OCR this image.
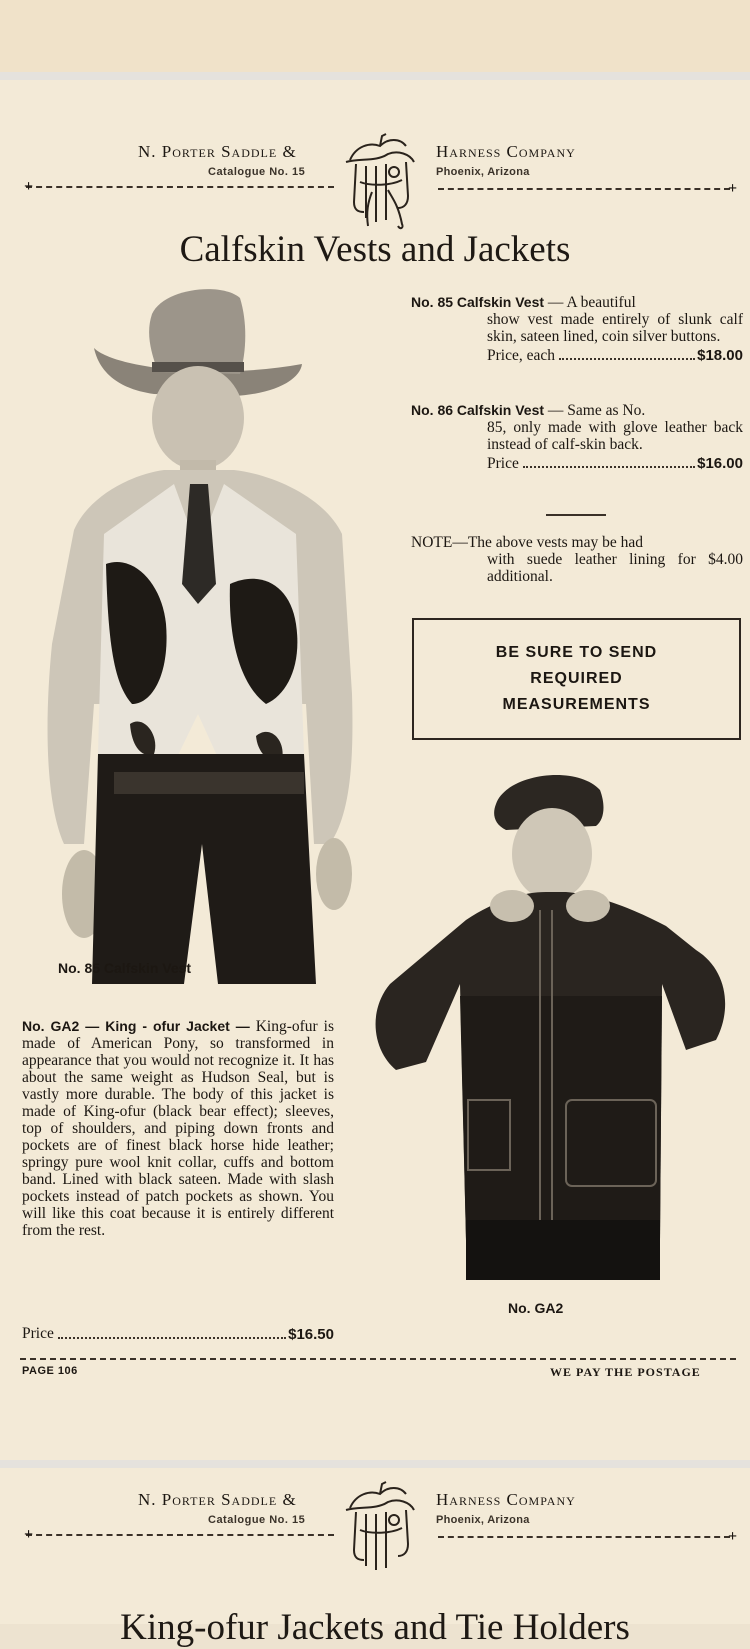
N. Porter Saddle &
Catalogue No. 15
Harness Company
Phoenix, Arizona
+	+
Calfskin Vests and Jackets
No. 85 Calfskin Vest — A beautiful
show vest made entirely of slunk calf skin, sateen lined, coin silver buttons.
Price, each	$18.00
No. 86 Calfskin Vest — Same as No.
85, only made with glove leather back instead of calf-skin back.
Price	$16.00
NOTE—The above vests may be had
with suede leather lining for $4.00 additional.
BE SURE TO SEND
REQUIRED
MEASUREMENTS
No. 85 Calfskin Vest
No. GA2
No. GA2 — King - ofur Jacket — King-ofur is made of American Pony, so transformed in appearance that you would not recognize it. It has about the same weight as Hudson Seal, but is vastly more durable. The body of this jacket is made of King-ofur (black bear effect); sleeves, top of shoulders, and piping down fronts and pockets are of finest black horse hide leather; springy pure wool knit collar, cuffs and bottom band. Lined with black sateen. Made with slash pockets instead of patch pockets as shown. You will like this coat because it is entirely different from the rest.
Price	$16.50
PAGE 106	WE PAY THE POSTAGE
N. Porter Saddle &
Catalogue No. 15
Harness Company
Phoenix, Arizona
+	+
King-ofur Jackets and Tie Holders
